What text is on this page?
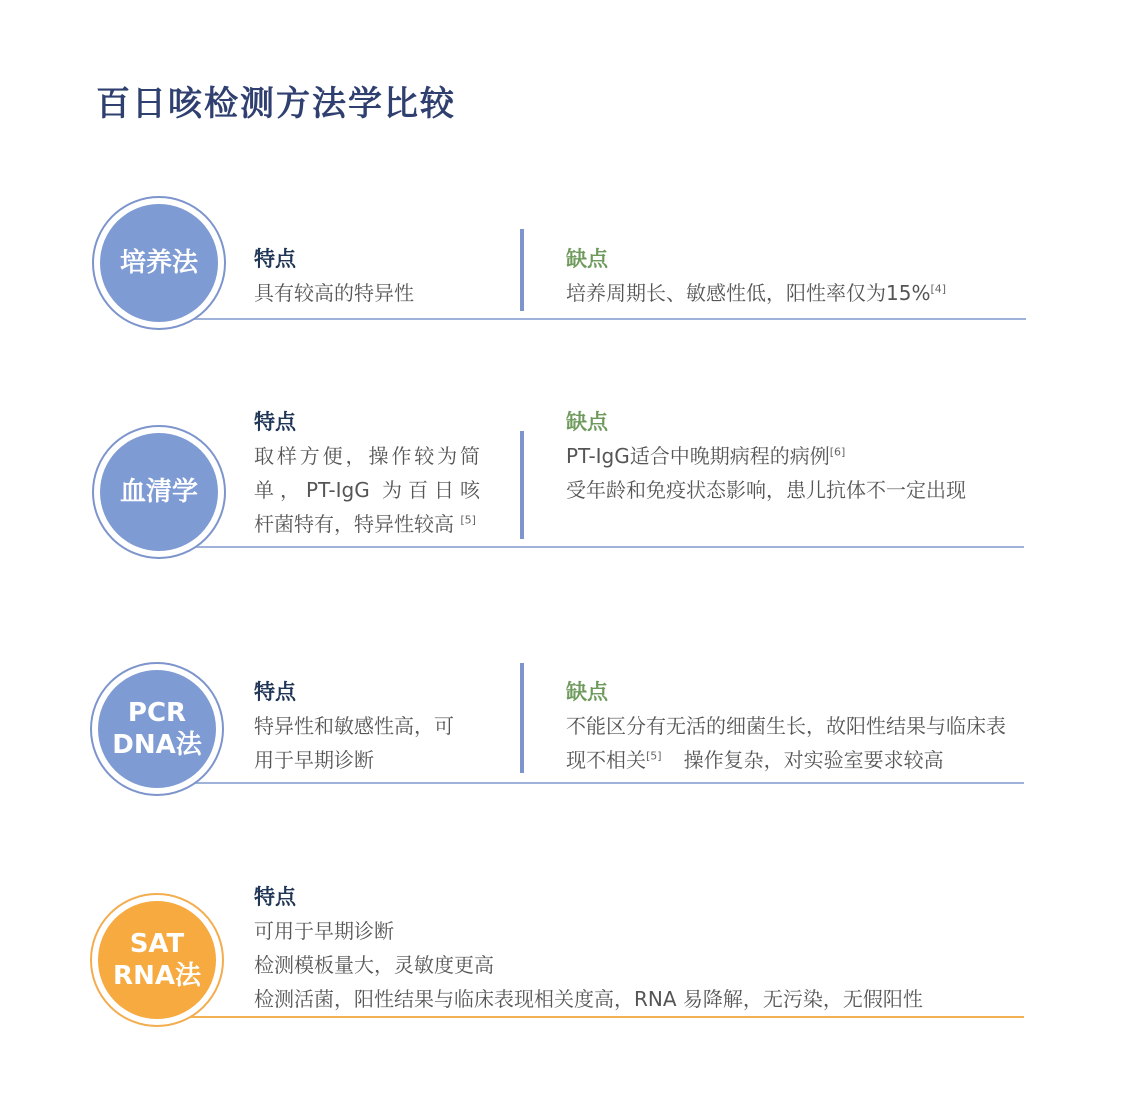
百日咳检测方法学比较
培养法	特点
具有较高的特异性
缺点
培养周期长、敏感性低，阳性率仅为15%[4]
血清学
特点
取样方便，操作较为简
单，PT-IgG 为百日咳
杆菌特有，特异性较高 [5]
缺点
PT-IgG适合中晚期病程的病例[6]
受年龄和免疫状态影响，患儿抗体不一定出现
PCR
DNA法
特点
特异性和敏感性高，可
用于早期诊断
缺点
不能区分有无活的细菌生长，故阳性结果与临床表
现不相关[5] 操作复杂，对实验室要求较高
SAT
RNA法
特点
可用于早期诊断
检测模板量大，灵敏度更高
检测活菌，阳性结果与临床表现相关度高，RNA 易降解，无污染，无假阳性
